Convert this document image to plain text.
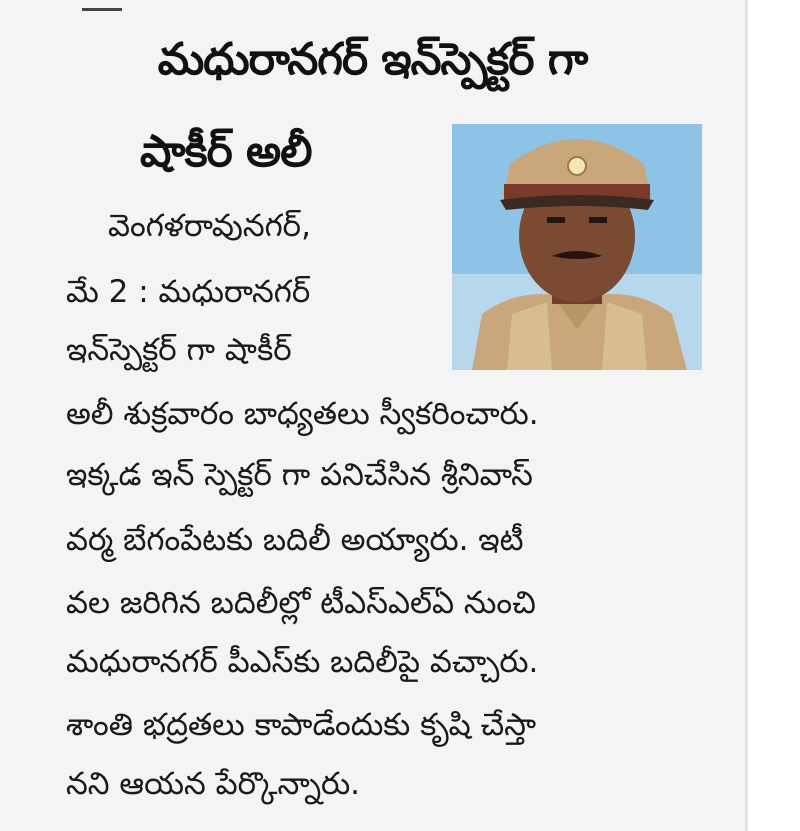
మధురానగర్ ఇన్‌స్పెక్టర్ గా
షాకీర్ అలీ
వెంగళరావునగర్,
మే 2 : మధురానగర్
ఇన్‌స్పెక్టర్ గా షాకీర్
అలీ శుక్రవారం బాధ్యతలు స్వీకరించారు.
ఇక్కడ ఇన్ స్పెక్టర్ గా పనిచేసిన శ్రీనివాస్
వర్మ బేగంపేటకు బదిలీ అయ్యారు. ఇటీ
వల జరిగిన బదిలీల్లో టీఎస్ఎల్ఏ నుంచి
మధురానగర్ పీఎస్‌కు బదిలీపై వచ్చారు.
శాంతి భద్రతలు కాపాడేందుకు కృషి చేస్తా
నని ఆయన పేర్కొన్నారు.
